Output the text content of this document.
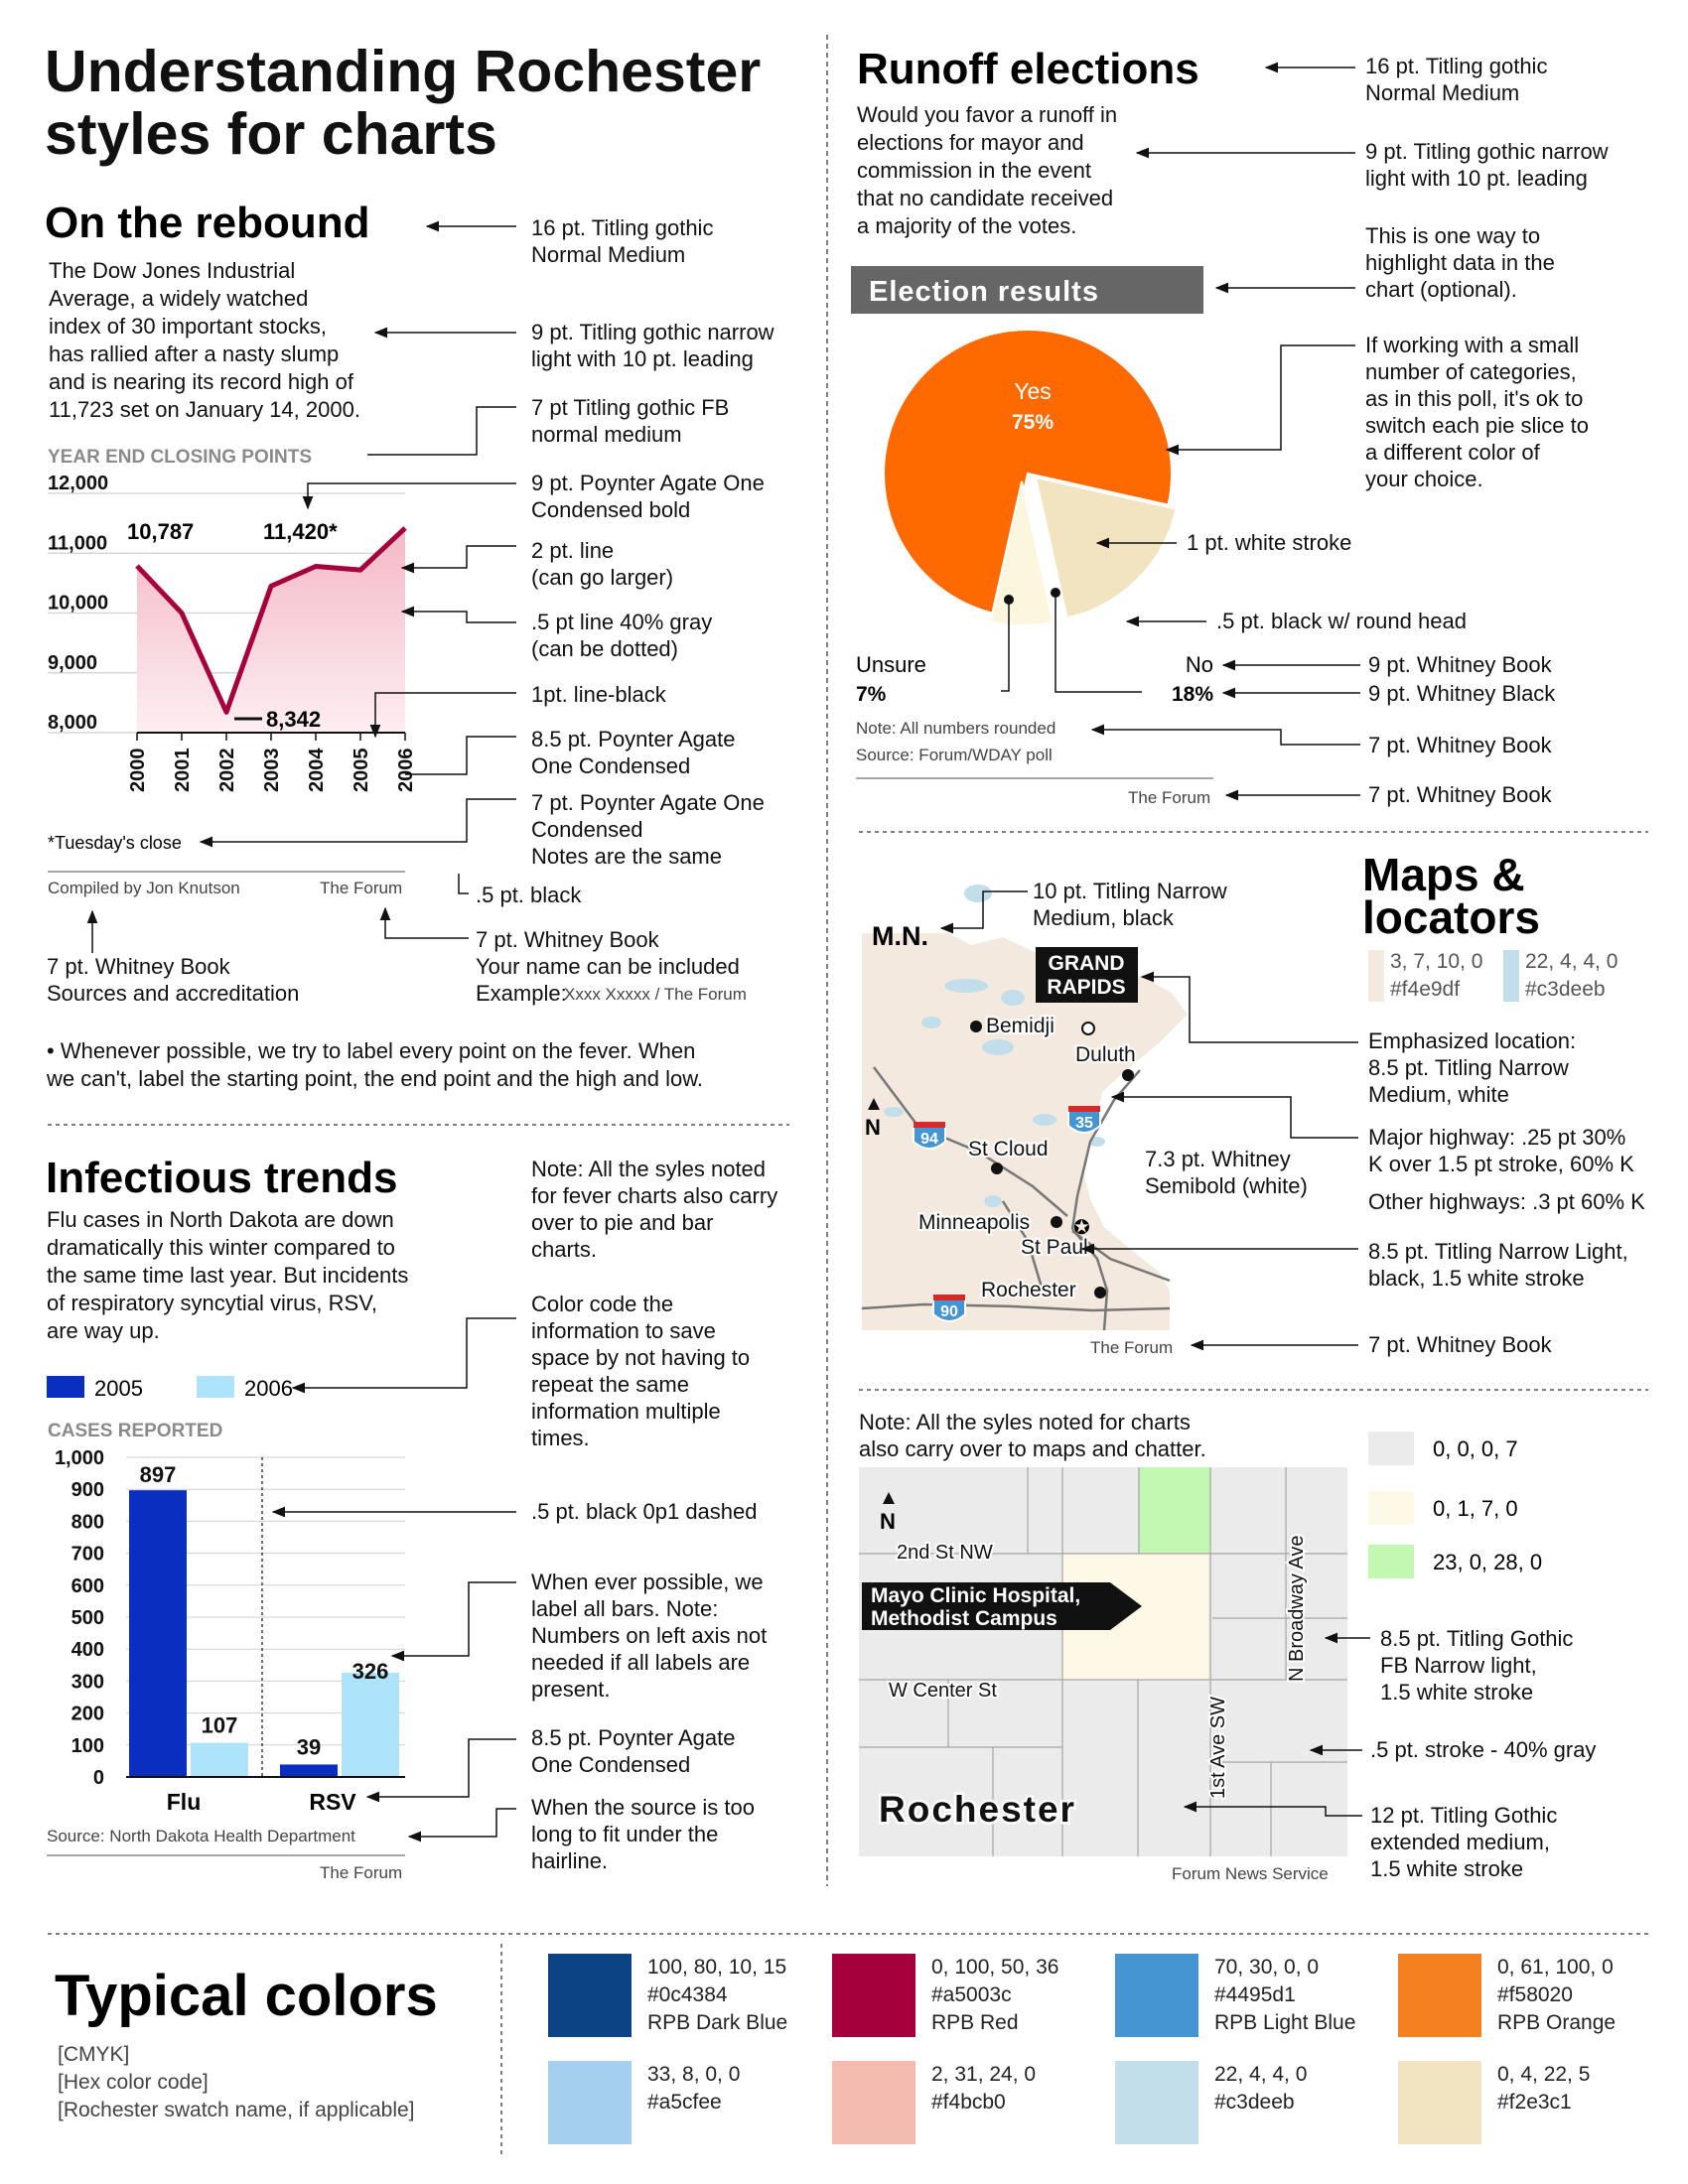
Understanding Rochester
styles for charts
On the rebound
The Dow Jones Industrial
Average, a widely watched
index of 30 important stocks,
has rallied after a nasty slump
and is nearing its record high of
11,723 set on January 14, 2000.
YEAR END CLOSING POINTS
12,000
11,000
10,000
9,000
8,000
2000 2001 2002 2003 2004 2005 2006
10,787	11,420*
8,342
*Tuesday's close
Compiled by Jon Knutson	The Forum
16 pt. Titling gothic
Normal Medium
9 pt. Titling gothic narrow
light with 10 pt. leading
7 pt Titling gothic FB
normal medium
9 pt. Poynter Agate One
Condensed bold
2 pt. line
(can go larger)
.5 pt line 40% gray
(can be dotted)
1pt. line-black
8.5 pt. Poynter Agate
One Condensed
7 pt. Poynter Agate One
Condensed
Notes are the same
.5 pt. black
7 pt. Whitney Book
Your name can be included
Example:
Xxxx Xxxxx / The Forum
7 pt. Whitney Book
Sources and accreditation
• Whenever possible, we try to label every point on the fever. When
we can't, label the starting point, the end point and the high and low.
Infectious trends
Flu cases in North Dakota are down
dramatically this winter compared to
the same time last year. But incidents
of respiratory syncytial virus, RSV,
are way up.
2005	2006
CASES REPORTED
1,000
900
800
700
600
500
400
300
200
100
0
897
107
39
326
Flu	RSV
Source: North Dakota Health Department
The Forum
Note: All the syles noted
for fever charts also carry
over to pie and bar
charts.
Color code the
information to save
space by not having to
repeat the same
information multiple
times.
.5 pt. black 0p1 dashed
When ever possible, we
label all bars. Note:
Numbers on left axis not
needed if all labels are
present.
8.5 pt. Poynter Agate
One Condensed
When the source is too
long to fit under the
hairline.
Runoff elections
Would you favor a runoff in
elections for mayor and
commission in the event
that no candidate received
a majority of the votes.
Election results
Yes
75%
Unsure
7%
No
18%
Note: All numbers rounded
Source: Forum/WDAY poll
The Forum
16 pt. Titling gothic
Normal Medium
9 pt. Titling gothic narrow
light with 10 pt. leading
This is one way to
highlight data in the
chart (optional).
If working with a small
number of categories,
as in this poll, it's ok to
switch each pie slice to
a different color of
your choice.
1 pt. white stroke
.5 pt. black w/ round head
9 pt. Whitney Book
9 pt. Whitney Black
7 pt. Whitney Book
7 pt. Whitney Book
Maps &
locators
3, 7, 10, 0
#f4e9df
22, 4, 4, 0
#c3deeb
✪
M.N.
GRAND
RAPIDS
Bemidji
Duluth
St Cloud
Minneapolis
St Paul
Rochester
94
35
90
N
The Forum
10 pt. Titling Narrow
Medium, black
Emphasized location:
8.5 pt. Titling Narrow
Medium, white
Major highway: .25 pt 30%
K over 1.5 pt stroke, 60% K
Other highways: .3 pt 60% K
7.3 pt. Whitney
Semibold (white)
8.5 pt. Titling Narrow Light,
black, 1.5 white stroke
7 pt. Whitney Book
Note: All the syles noted for charts
also carry over to maps and chatter.	0, 0, 0, 7
0, 1, 7, 0
23, 0, 28, 0
N
2nd St NW
W Center St
N Broadway Ave
1st Ave SW
Mayo Clinic Hospital,
Methodist Campus
Rochester
Forum News Service
8.5 pt. Titling Gothic
FB Narrow light,
1.5 white stroke
.5 pt. stroke - 40% gray
12 pt. Titling Gothic
extended medium,
1.5 white stroke
Typical colors
[CMYK]
[Hex color code]
[Rochester swatch name, if applicable]
100, 80, 10, 15
#0c4384
RPB Dark Blue
0, 100, 50, 36
#a5003c
RPB Red
70, 30, 0, 0
#4495d1
RPB Light Blue
0, 61, 100, 0
#f58020
RPB Orange
33, 8, 0, 0
#a5cfee
2, 31, 24, 0
#f4bcb0
22, 4, 4, 0
#c3deeb
0, 4, 22, 5
#f2e3c1
